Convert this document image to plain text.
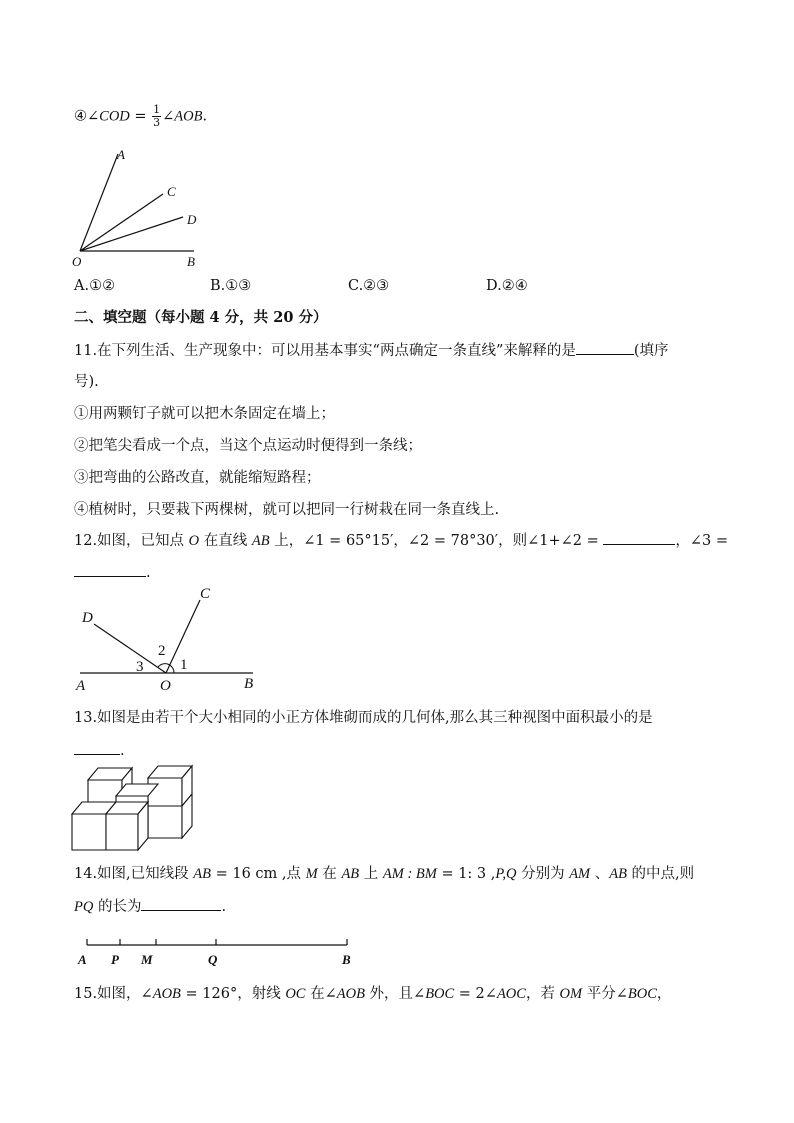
④∠COD = $\frac{1}{3}$ ∠AOB.
A
C
D
O	B
A.①②	B.①③	C.②③	D.②④
二、填空题（每小题 4 分，共 20 分）
11.在下列生活、生产现象中：可以用基本事实“两点确定一条直线”来解释的是	(填序
号).
①用两颗钉子就可以把木条固定在墙上；
②把笔尖看成一个点，当这个点运动时便得到一条线；
③把弯曲的公路改直，就能缩短路程；
④植树时，只要栽下两棵树，就可以把同一行树栽在同一条直线上.
12.如图，已知点 O 在直线 AB 上，∠1 = 65°15′，∠2 = 78°30′，则∠1+∠2 =	，∠3 =
.
C
D
2
3 1
A	O	B
13.如图是由若干个大小相同的小正方体堆砌而成的几何体,那么其三种视图中面积最小的是
.
14.如图,已知线段 AB = 16 cm ,点 M 在 AB 上 AM : BM = 1: 3 ,P,Q 分别为 AM 、AB 的中点,则
PQ 的长为	.
A P M	Q	B
15.如图，∠AOB = 126°，射线 OC 在∠AOB 外，且∠BOC = 2∠AOC，若 OM 平分∠BOC，
